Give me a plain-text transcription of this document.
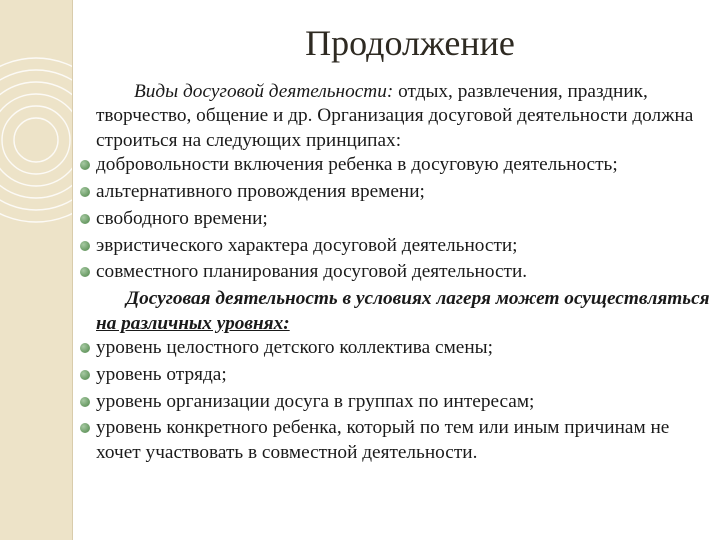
Продолжение

Виды досуговой деятельности: отдых, развлечения, праздник, творчество, общение и др. Организация досуговой деятельности должна строиться на следующих принципах:

добровольности включения ребенка в досуговую деятельность;
альтернативного провождения времени;
свободного времени;
эвристического характера досуговой деятельности;
совместного планирования досуговой деятельности.

Досуговая деятельность в условиях лагеря может осуществляться на различных уровнях:

уровень целостного детского коллектива смены;
уровень отряда;
уровень организации досуга в группах по интересам;
уровень конкретного ребенка, который по тем или иным причинам не хочет участвовать в совместной деятельности.
